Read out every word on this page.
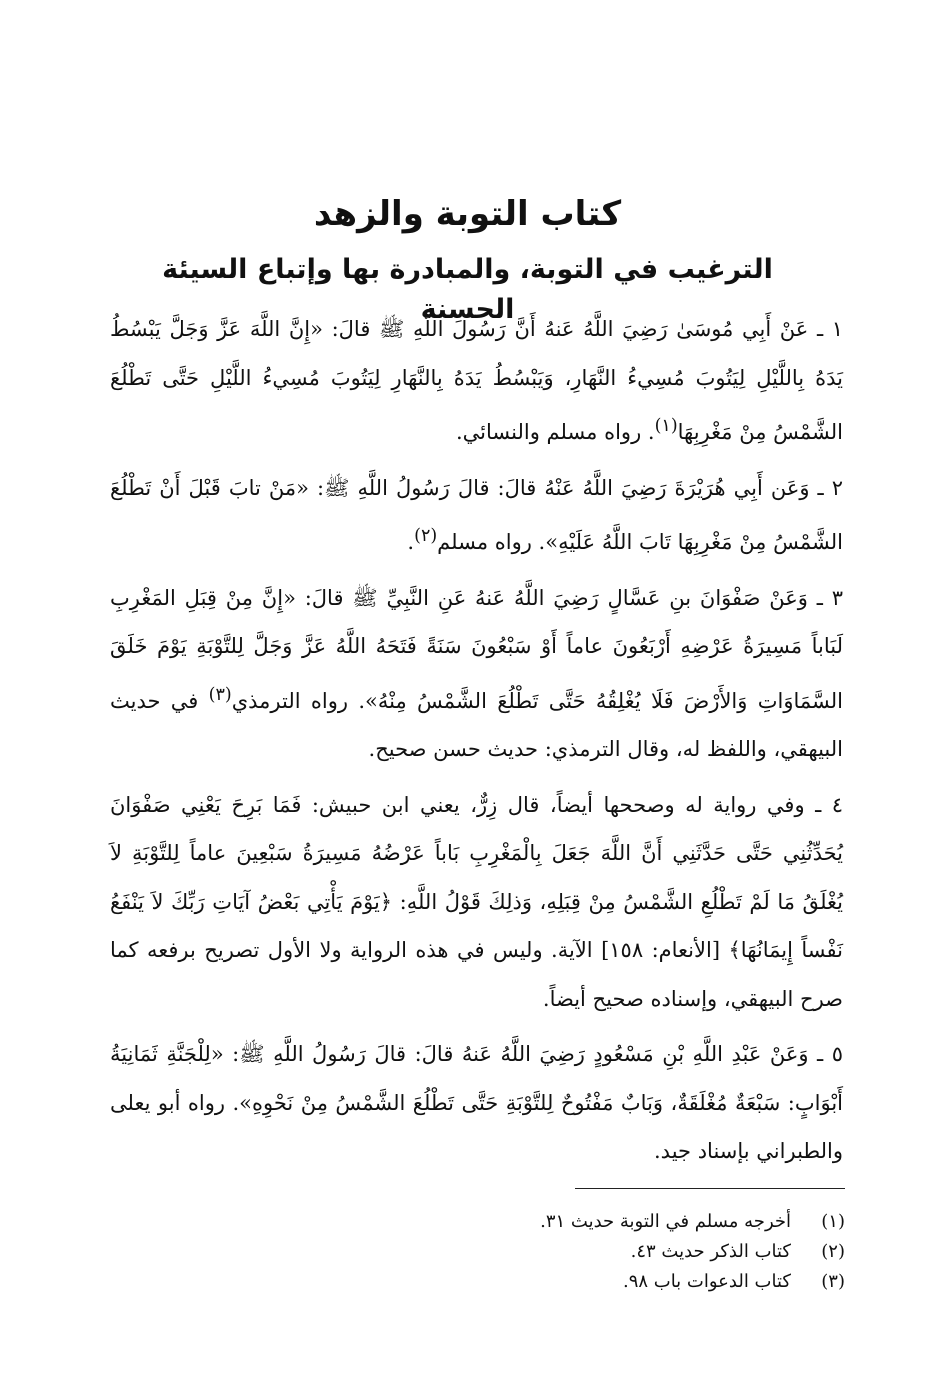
كتاب التوبة والزهد
الترغيب في التوبة، والمبادرة بها وإتباع السيئة الحسنة

١ ـ عَنْ أَبِي مُوسَىٰ رَضِيَ اللَّهُ عَنهُ أَنَّ رَسُولَ اللَّهِ ﷺ قالَ: «إِنَّ اللَّهَ عَزَّ وَجَلَّ يَبْسُطُ يَدَهُ بِاللَّيْلِ لِيَتُوبَ مُسِيءُ النَّهَارِ، وَيَبْسُطُ يَدَهُ بِالنَّهَارِ لِيَتُوبَ مُسِيءُ اللَّيْلِ حَتَّى تَطْلُعَ الشَّمْسُ مِنْ مَغْرِبِهَا$^{(١)}$. رواه مسلم والنسائي.

٢ ـ وَعَن أَبِي هُرَيْرَةَ رَضِيَ اللَّهُ عَنْهُ قالَ: قالَ رَسُولُ اللَّهِ ﷺ: «مَنْ تابَ قَبْلَ أَنْ تَطْلُعَ الشَّمْسُ مِنْ مَغْرِبِهَا تَابَ اللَّهُ عَلَيْهِ». رواه مسلم$^{(٢)}$.

٣ ـ وَعَنْ صَفْوَانَ بنِ عَسَّالٍ رَضِيَ اللَّهُ عَنهُ عَنِ النَّبِيِّ ﷺ قالَ: «إِنَّ مِنْ قِبَلِ المَغْرِبِ لَبَاباً مَسِيرَةُ عَرْضِهِ أَرْبَعُونَ عاماً أَوْ سَبْعُونَ سَنَةً فَتَحَهُ اللَّهُ عَزَّ وَجَلَّ لِلتَّوْبَةِ يَوْمَ خَلَقَ السَّمَاوَاتِ وَالأَرْضَ فَلَا يُغْلِقُهُ حَتَّى تَطْلُعَ الشَّمْسُ مِنْهُ». رواه الترمذي$^{(٣)}$ في حديث البيهقي، واللفظ له، وقال الترمذي: حديث حسن صحيح.

٤ ـ وفي رواية له وصححها أيضاً، قال زِرٌّ، يعني ابن حبيش: فَمَا بَرِحَ يَعْنِي صَفْوَانَ يُحَدِّثُنِي حَتَّى حَدَّثَنِي أَنَّ اللَّهَ جَعَلَ بِالْمَغْرِبِ بَاباً عَرْضُهُ مَسِيرَةُ سَبْعِينَ عاماً لِلتَّوْبَةِ لاَ يُغْلَقُ مَا لَمْ تَطْلُعِ الشَّمْسُ مِنْ قِبَلِهِ، وَذلِكَ قَوْلُ اللَّهِ: ﴿يَوْمَ يَأْتِي بَعْضُ آيَاتِ رَبِّكَ لاَ يَنْفَعُ نَفْساً إِيمَانُهَا﴾ [الأنعام: ١٥٨] الآية. وليس في هذه الرواية ولا الأول تصريح برفعه كما صرح البيهقي، وإسناده صحيح أيضاً.

٥ ـ وَعَنْ عَبْدِ اللَّهِ بْنِ مَسْعُودٍ رَضِيَ اللَّهُ عَنهُ قالَ: قالَ رَسُولُ اللَّهِ ﷺ: «لِلْجَنَّةِ ثَمَانِيَةُ أَبْوَابٍ: سَبْعَةٌ مُغْلَقَةٌ، وَبَابٌ مَفْتُوحٌ لِلتَّوْبَةِ حَتَّى تَطْلُعَ الشَّمْسُ مِنْ نَحْوِهِ». رواه أبو يعلى والطبراني بإسناد جيد.

(١)
أخرجه مسلم في التوبة حديث ٣١.
(٢)
كتاب الذكر حديث ٤٣.
(٣)
كتاب الدعوات باب ٩٨.
